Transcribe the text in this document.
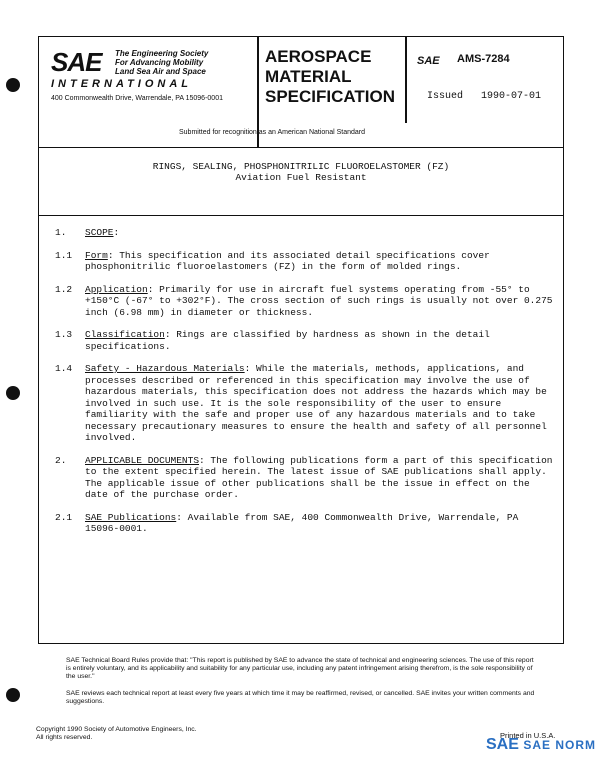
SAE The Engineering Society
For Advancing Mobility
Land Sea Air and Space
INTERNATIONAL
400 Commonwealth Drive, Warrendale, PA 15096-0001
AEROSPACE
MATERIAL
SPECIFICATION
Submitted for recognition as an American National Standard
SAE AMS-7284
Issued 1990-07-01
RINGS, SEALING, PHOSPHONITRILIC FLUOROELASTOMER (FZ)
Aviation Fuel Resistant
1. SCOPE:
1.1 Form: This specification and its associated detail specifications cover phosphonitrilic fluoroelastomers (FZ) in the form of molded rings.
1.2 Application: Primarily for use in aircraft fuel systems operating from -55° to +150°C (-67° to +302°F). The cross section of such rings is usually not over 0.275 inch (6.98 mm) in diameter or thickness.
1.3 Classification: Rings are classified by hardness as shown in the detail specifications.
1.4 Safety - Hazardous Materials: While the materials, methods, applications, and processes described or referenced in this specification may involve the use of hazardous materials, this specification does not address the hazards which may be involved in such use. It is the sole responsibility of the user to ensure familiarity with the safe and proper use of any hazardous materials and to take necessary precautionary measures to ensure the health and safety of all personnel involved.
2. APPLICABLE DOCUMENTS: The following publications form a part of this specification to the extent specified herein. The latest issue of SAE publications shall apply. The applicable issue of other publications shall be the issue in effect on the date of the purchase order.
2.1 SAE Publications: Available from SAE, 400 Commonwealth Drive, Warrendale, PA 15096-0001.
SAE Technical Board Rules provide that: "This report is published by SAE to advance the state of technical and engineering sciences. The use of this report is entirely voluntary, and its applicability and suitability for any particular use, including any patent infringement arising therefrom, is the sole responsibility of the user."
SAE reviews each technical report at least every five years at which time it may be reaffirmed, revised, or cancelled. SAE invites your written comments and suggestions.
Copyright 1990 Society of Automotive Engineers, Inc.
All rights reserved.	Printed in U.S.A.
SAE SAE NORM
